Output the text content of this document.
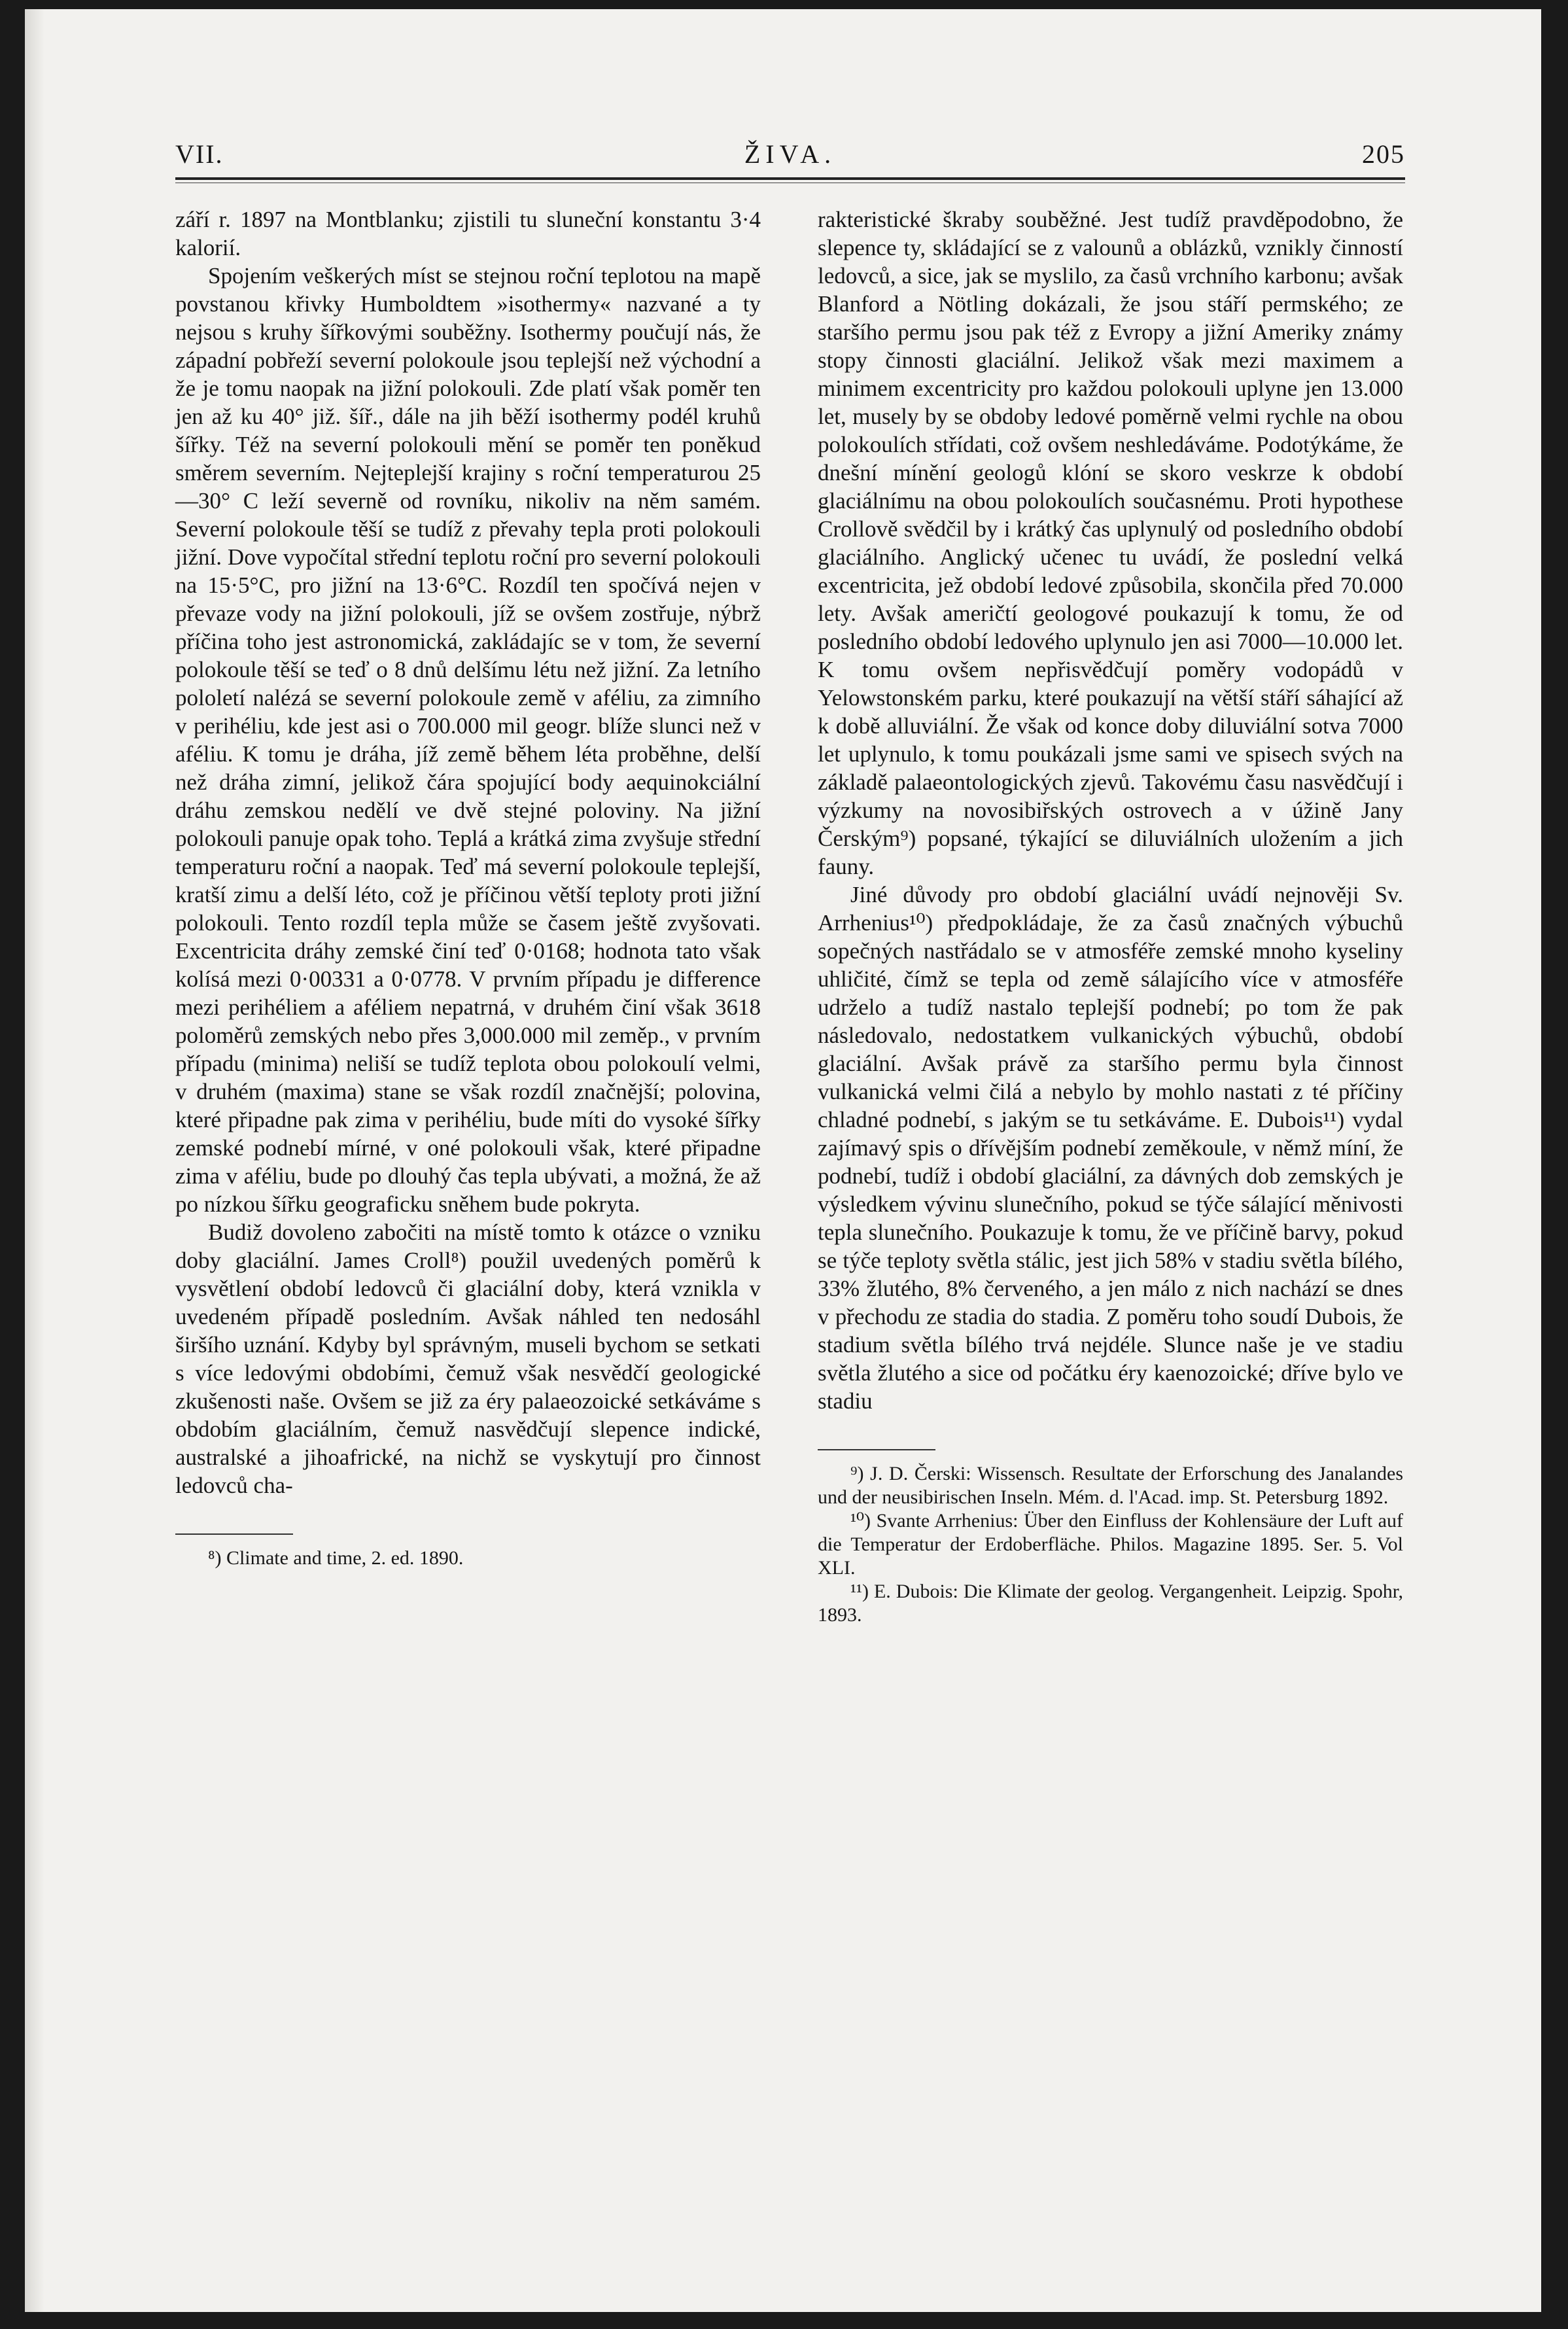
VII.	ŽIVA.	205

září r. 1897 na Montblanku; zjistili tu sluneční konstantu 3·4 kalorií.

Spojením veškerých míst se stejnou roční teplotou na mapě povstanou křivky Humboldtem »isothermy« nazvané a ty nejsou s kruhy šířkovými souběžny. Isothermy poučují nás, že západní pobřeží severní polokoule jsou teplejší než východní a že je tomu naopak na jižní polokouli. Zde platí však poměr ten jen až ku 40° již. šíř., dále na jih běží isothermy podél kruhů šířky. Též na severní polokouli mění se poměr ten poněkud směrem severním. Nejteplejší krajiny s roční temperaturou 25—30° C leží severně od rovníku, nikoliv na něm samém. Severní polokoule těší se tudíž z převahy tepla proti polokouli jižní. Dove vypočítal střední teplotu roční pro severní polokouli na 15·5°C, pro jižní na 13·6°C. Rozdíl ten spočívá nejen v převaze vody na jižní polokouli, jíž se ovšem zostřuje, nýbrž příčina toho jest astronomická, zakládajíc se v tom, že severní polokoule těší se teď o 8 dnů delšímu létu než jižní. Za letního pololetí nalézá se severní polokoule země v aféliu, za zimního v perihéliu, kde jest asi o 700.000 mil geogr. blíže slunci než v aféliu. K tomu je dráha, jíž země během léta proběhne, delší než dráha zimní, jelikož čára spojující body aequinokciální dráhu zemskou nedělí ve dvě stejné poloviny. Na jižní polokouli panuje opak toho. Teplá a krátká zima zvyšuje střední temperaturu roční a naopak. Teď má severní polokoule teplejší, kratší zimu a delší léto, což je příčinou větší teploty proti jižní polokouli. Tento rozdíl tepla může se časem ještě zvyšovati. Excentricita dráhy zemské činí teď 0·0168; hodnota tato však kolísá mezi 0·00331 a 0·0778. V prvním případu je difference mezi perihéliem a aféliem nepatrná, v druhém činí však 3618 poloměrů zemských nebo přes 3,000.000 mil zeměp., v prvním případu (minima) neliší se tudíž teplota obou polokoulí velmi, v druhém (maxima) stane se však rozdíl značnější; polovina, které připadne pak zima v perihéliu, bude míti do vysoké šířky zemské podnebí mírné, v oné polokouli však, které připadne zima v aféliu, bude po dlouhý čas tepla ubývati, a možná, že až po nízkou šířku geograficku sněhem bude pokryta.

Budiž dovoleno zabočiti na místě tomto k otázce o vzniku doby glaciální. James Croll⁸) použil uvedených poměrů k vysvětlení období ledovců či glaciální doby, která vznikla v uvedeném případě posledním. Avšak náhled ten nedosáhl širšího uznání. Kdyby byl správným, museli bychom se setkati s více ledovými obdobími, čemuž však nesvědčí geologické zkušenosti naše. Ovšem se již za éry palaeozoické setkáváme s obdobím glaciálním, čemuž nasvědčují slepence indické, australské a jihoafrické, na nichž se vyskytují pro činnost ledovců cha-

⁸) Climate and time, 2. ed. 1890.

rakteristické škraby souběžné. Jest tudíž pravděpodobno, že slepence ty, skládající se z valounů a oblázků, vznikly činností ledovců, a sice, jak se myslilo, za časů vrchního karbonu; avšak Blanford a Nötling dokázali, že jsou stáří permského; ze staršího permu jsou pak též z Evropy a jižní Ameriky známy stopy činnosti glaciální. Jelikož však mezi maximem a minimem excentricity pro každou polokouli uplyne jen 13.000 let, musely by se obdoby ledové poměrně velmi rychle na obou polokoulích střídati, což ovšem neshledáváme. Podotýkáme, že dnešní mínění geologů klóní se skoro veskrze k období glaciálnímu na obou polokoulích současnému. Proti hypothese Crollově svědčil by i krátký čas uplynulý od posledního období glaciálního. Anglický učenec tu uvádí, že poslední velká excentricita, jež období ledové způsobila, skončila před 70.000 lety. Avšak američtí geologové poukazují k tomu, že od posledního období ledového uplynulo jen asi 7000—10.000 let. K tomu ovšem nepřisvědčují poměry vodopádů v Yelowstonském parku, které poukazují na větší stáří sáhající až k době alluviální. Že však od konce doby diluviální sotva 7000 let uplynulo, k tomu poukázali jsme sami ve spisech svých na základě palaeontologických zjevů. Takovému času nasvědčují i výzkumy na novosibiřských ostrovech a v úžině Jany Čerským⁹) popsané, týkající se diluviálních uložením a jich fauny.

Jiné důvody pro období glaciální uvádí nejnověji Sv. Arrhenius¹⁰) předpokládaje, že za časů značných výbuchů sopečných nastřádalo se v atmosféře zemské mnoho kyseliny uhličité, čímž se tepla od země sálajícího více v atmosféře udrželo a tudíž nastalo teplejší podnebí; po tom že pak následovalo, nedostatkem vulkanických výbuchů, období glaciální. Avšak právě za staršího permu byla činnost vulkanická velmi čilá a nebylo by mohlo nastati z té příčiny chladné podnebí, s jakým se tu setkáváme. E. Dubois¹¹) vydal zajímavý spis o dřívějším podnebí zeměkoule, v němž míní, že podnebí, tudíž i období glaciální, za dávných dob zemských je výsledkem vývinu slunečního, pokud se týče sálající měnivosti tepla slunečního. Poukazuje k tomu, že ve příčině barvy, pokud se týče teploty světla stálic, jest jich 58% v stadiu světla bílého, 33% žlutého, 8% červeného, a jen málo z nich nachází se dnes v přechodu ze stadia do stadia. Z poměru toho soudí Dubois, že stadium světla bílého trvá nejdéle. Slunce naše je ve stadiu světla žlutého a sice od počátku éry kaenozoické; dříve bylo ve stadiu

⁹) J. D. Čerski: Wissensch. Resultate der Erforschung des Janalandes und der neusibirischen Inseln. Mém. d. l'Acad. imp. St. Petersburg 1892.

¹⁰) Svante Arrhenius: Über den Einfluss der Kohlensäure der Luft auf die Temperatur der Erdoberfläche. Philos. Magazine 1895. Ser. 5. Vol XLI.

¹¹) E. Dubois: Die Klimate der geolog. Vergangenheit. Leipzig. Spohr, 1893.
